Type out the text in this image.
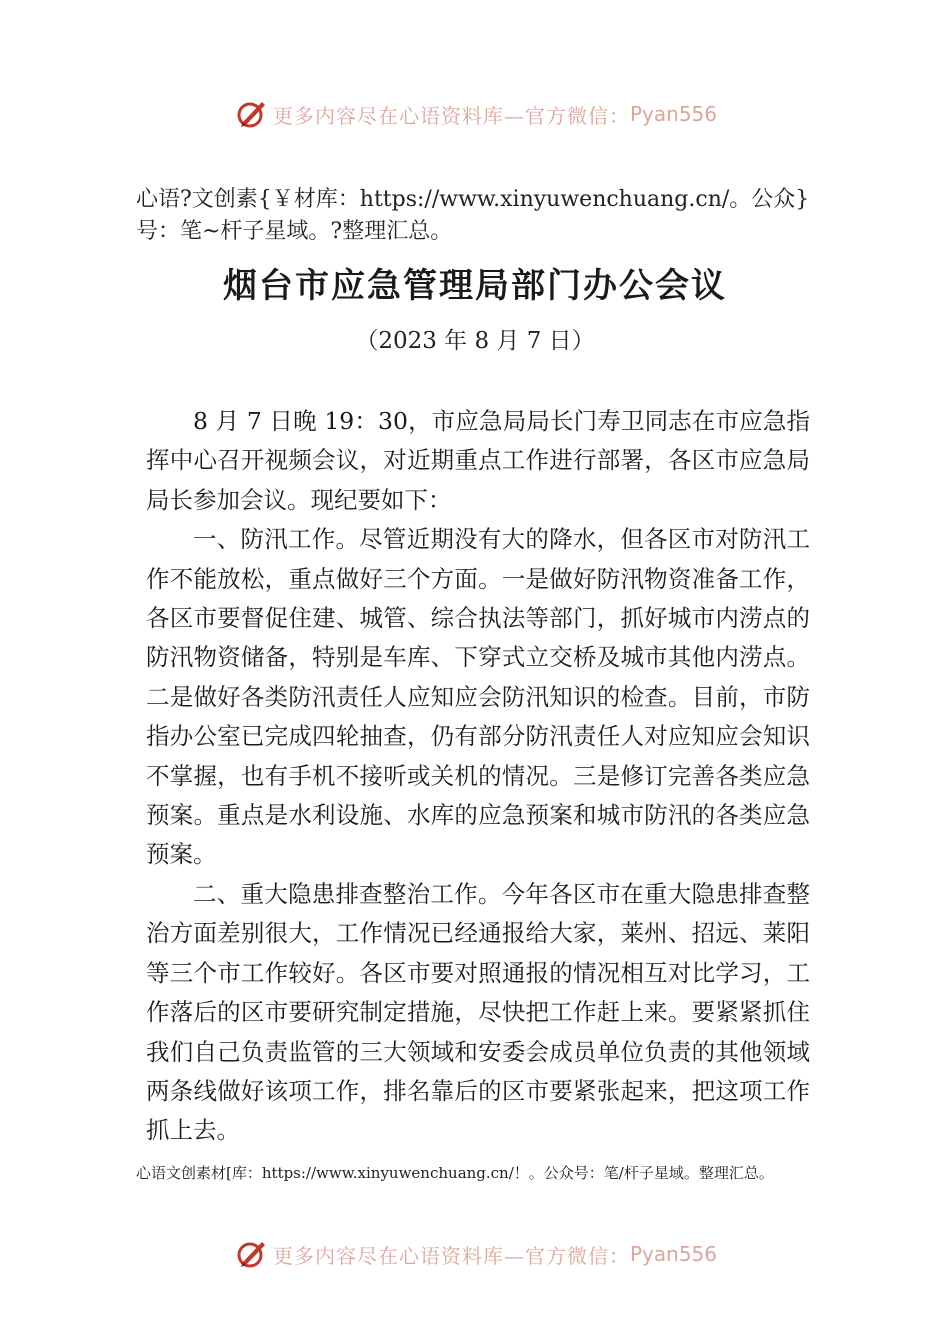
更多内容尽在心语资料库—官方微信： Pyan556
心语?文创素{￥材库：https://www.xinyuwenchuang.cn/。公众}号：笔~杆子星域。?整理汇总。
烟台市应急管理局部门办公会议
（2023 年 8 月 7 日）

8 月 7 日晚 19：30，市应急局局长门寿卫同志在市应急指挥中心召开视频会议，对近期重点工作进行部署，各区市应急局局长参加会议。现纪要如下：

一、防汛工作。尽管近期没有大的降水，但各区市对防汛工作不能放松，重点做好三个方面。一是做好防汛物资准备工作，各区市要督促住建、城管、综合执法等部门，抓好城市内涝点的防汛物资储备，特别是车库、下穿式立交桥及城市其他内涝点。二是做好各类防汛责任人应知应会防汛知识的检查。目前，市防指办公室已完成四轮抽查，仍有部分防汛责任人对应知应会知识不掌握，也有手机不接听或关机的情况。三是修订完善各类应急预案。重点是水利设施、水库的应急预案和城市防汛的各类应急预案。

二、重大隐患排查整治工作。今年各区市在重大隐患排查整治方面差别很大，工作情况已经通报给大家，莱州、招远、莱阳等三个市工作较好。各区市要对照通报的情况相互对比学习，工作落后的区市要研究制定措施，尽快把工作赶上来。要紧紧抓住我们自己负责监管的三大领域和安委会成员单位负责的其他领域两条线做好该项工作，排名靠后的区市要紧张起来，把这项工作抓上去。

心语文创素材[库：https://www.xinyuwenchuang.cn/！。公众号：笔/杆子星域。整理汇总。
更多内容尽在心语资料库—官方微信： Pyan556
